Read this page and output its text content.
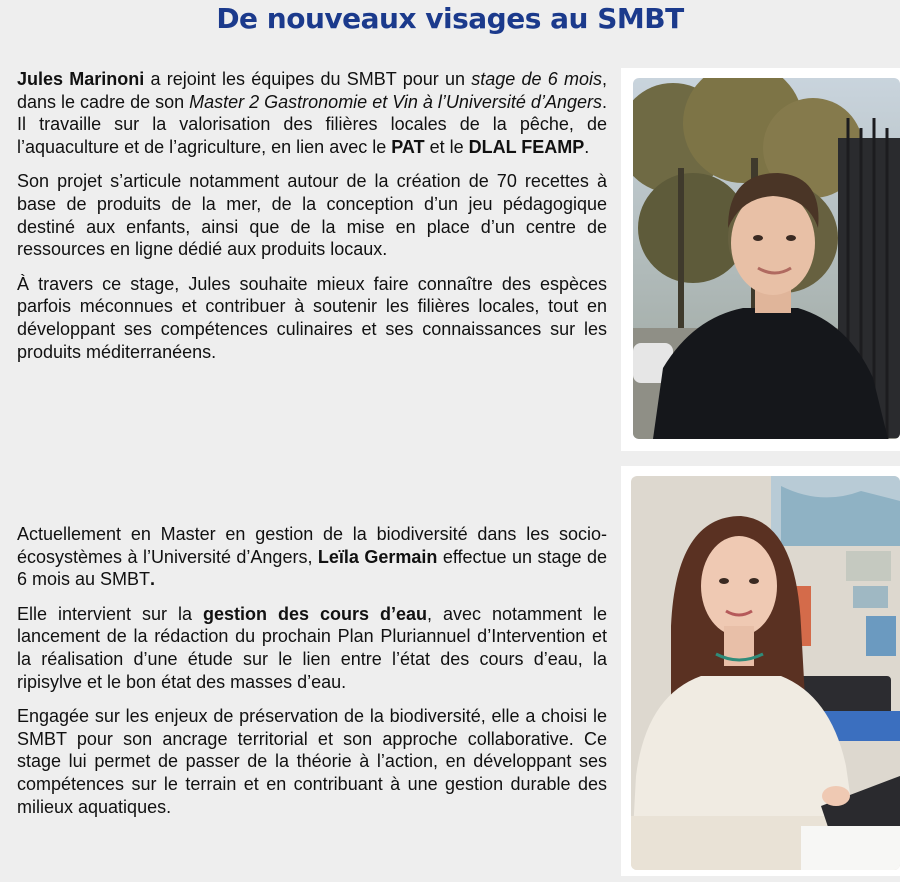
De nouveaux visages au SMBT

Jules Marinoni a rejoint les équipes du SMBT pour un stage de 6 mois, dans le cadre de son Master 2 Gastronomie et Vin à l’Université d’Angers. Il travaille sur la valorisation des filières locales de la pêche, de l’aquaculture et de l’agriculture, en lien avec le PAT et le DLAL FEAMP.

Son projet s’articule notamment autour de la création de 70 recettes à base de produits de la mer, de la conception d’un jeu pédagogique destiné aux enfants, ainsi que de la mise en place d’un centre de ressources en ligne dédié aux produits locaux.

À travers ce stage, Jules souhaite mieux faire connaître des espèces parfois méconnues et contribuer à soutenir les filières locales, tout en développant ses compétences culinaires et ses connaissances sur les produits méditerranéens.

Actuellement en Master en gestion de la biodiversité dans les socio-écosystèmes à l’Université d’Angers, Leïla Germain effectue un stage de 6 mois au SMBT.

Elle intervient sur la gestion des cours d’eau, avec notamment le lancement de la rédaction du prochain Plan Pluriannuel d’Intervention et la réalisation d’une étude sur le lien entre l’état des cours d’eau, la ripisylve et le bon état des masses d’eau.

Engagée sur les enjeux de préservation de la biodiversité, elle a choisi le SMBT pour son ancrage territorial et son approche collaborative. Ce stage lui permet de passer de la théorie à l’action, en développant ses compétences sur le terrain et en contribuant à une gestion durable des milieux aquatiques.
